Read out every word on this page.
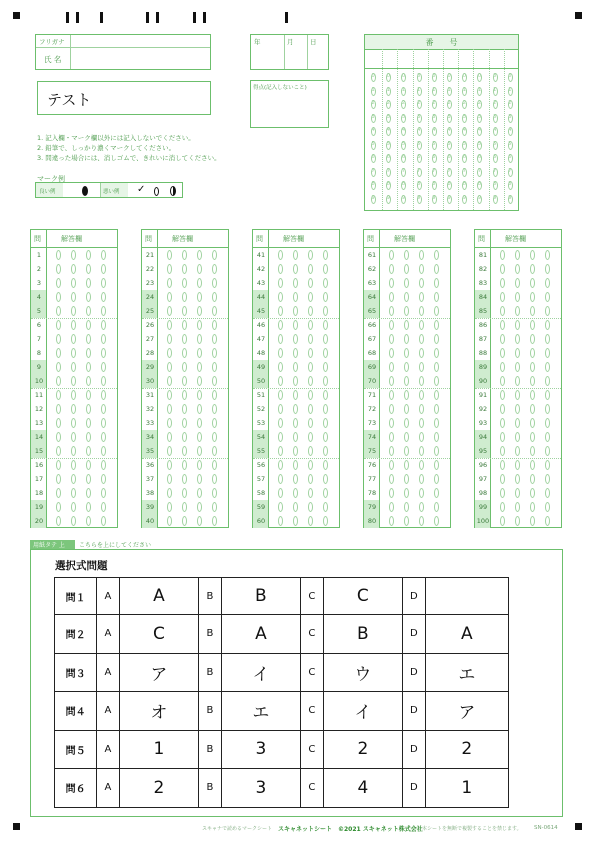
フリガナ
氏 名
テスト
年	月	日
得点(記入しないこと)
1. 記入欄・マーク欄以外には記入しないでください。
2. 鉛筆で、しっかり濃くマークしてください。
3. 間違った場合には、消しゴムで、きれいに消してください。
マーク例
良い例	悪い例 ✓
番　　号
0
1
2
3
4
5
6
7
8
9
0
1
2
3
4
5
6
7
8
9
0
1
2
3
4
5
6
7
8
9
0
1
2
3
4
5
6
7
8
9
0
1
2
3
4
5
6
7
8
9
0
1
2
3
4
5
6
7
8
9
0
1
2
3
4
5
6
7
8
9
0
1
2
3
4
5
6
7
8
9
0
1
2
3
4
5
6
7
8
9
0
1
2
3
4
5
6
7
8
9
問	解答欄
1
2
3
4
5
6
7
8
9
10
11
12
13
14
15
16
17
18
19
20
問	解答欄
21
22
23
24
25
26
27
28
29
30
31
32
33
34
35
36
37
38
39
40
問	解答欄
41
42
43
44
45
46
47
48
49
50
51
52
53
54
55
56
57
58
59
60
問	解答欄
61
62
63
64
65
66
67
68
69
70
71
72
73
74
75
76
77
78
79
80
問	解答欄
81
82
83
84
85
86
87
88
89
90
91
92
93
94
95
96
97
98
99
100
用紙タテ 上 こちらを上にしてください
選択式問題
問１	A	A	B	B	C	C	D	
問２	A	C	B	A	C	B	D	A
問３	A	ア	B	イ	C	ウ	D	エ
問４	A	オ	B	エ	C	イ	D	ア
問５	A	1	B	3	C	2	D	2
問６	A	2	B	3	C	4	D	1
スキャナで読めるマークシート スキャネットシート ©2021 スキャネット株式会社 本シートを無断で複製することを禁じます。 SN-0614
